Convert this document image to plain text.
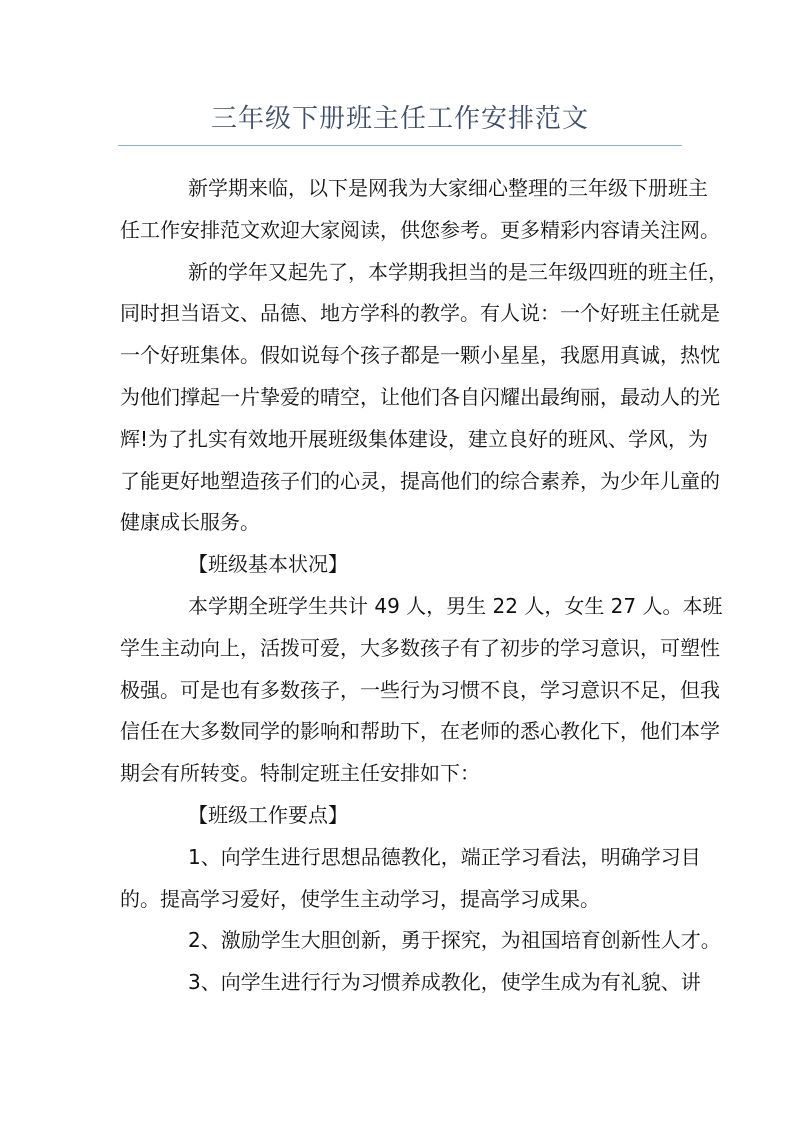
三年级下册班主任工作安排范文
新学期来临，以下是网我为大家细心整理的三年级下册班主
任工作安排范文欢迎大家阅读，供您参考。更多精彩内容请关注网。
新的学年又起先了，本学期我担当的是三年级四班的班主任，
同时担当语文、品德、地方学科的教学。有人说：一个好班主任就是
一个好班集体。假如说每个孩子都是一颗小星星，我愿用真诚，热忱
为他们撑起一片挚爱的晴空，让他们各自闪耀出最绚丽，最动人的光
辉!为了扎实有效地开展班级集体建设，建立良好的班风、学风，为
了能更好地塑造孩子们的心灵，提高他们的综合素养，为少年儿童的
健康成长服务。
【班级基本状况】
本学期全班学生共计 49 人，男生 22 人，女生 27 人。本班
学生主动向上，活拨可爱，大多数孩子有了初步的学习意识，可塑性
极强。可是也有多数孩子，一些行为习惯不良，学习意识不足，但我
信任在大多数同学的影响和帮助下，在老师的悉心教化下，他们本学
期会有所转变。特制定班主任安排如下：
【班级工作要点】
1、向学生进行思想品德教化，端正学习看法，明确学习目
的。提高学习爱好，使学生主动学习，提高学习成果。
2、激励学生大胆创新，勇于探究，为祖国培育创新性人才。
3、向学生进行行为习惯养成教化，使学生成为有礼貌、讲
